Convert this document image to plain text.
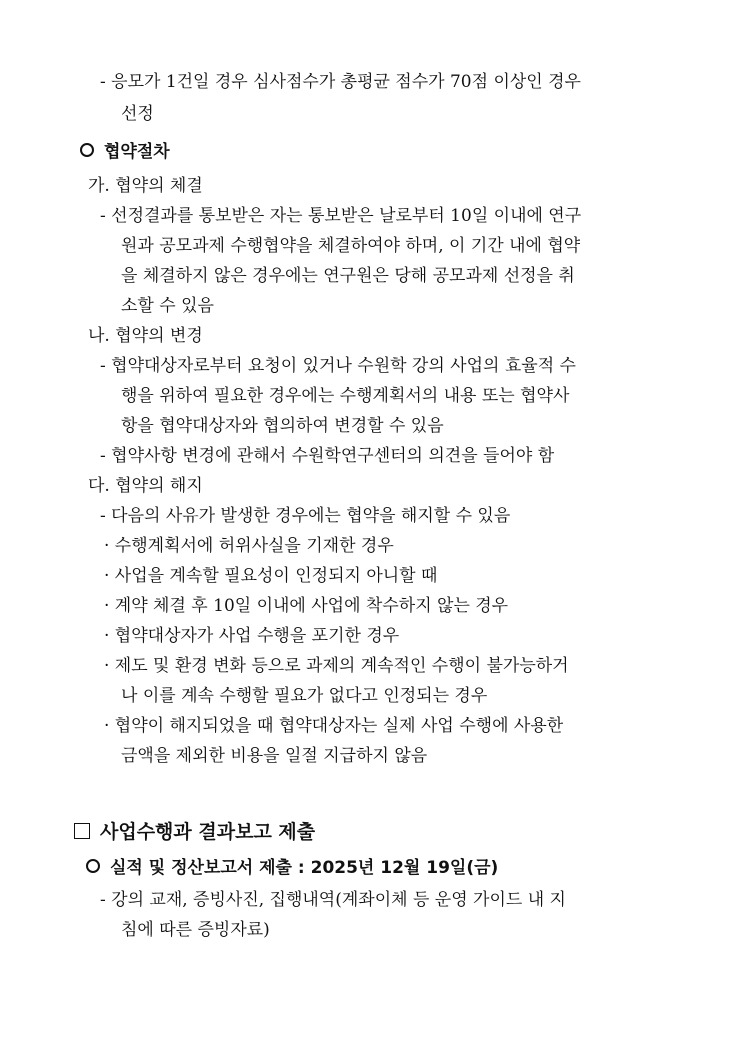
- 응모가 1건일 경우 심사점수가 총평균 점수가 70점 이상인 경우
선정
협약절차
가. 협약의 체결
- 선정결과를 통보받은 자는 통보받은 날로부터 10일 이내에 연구
원과 공모과제 수행협약을 체결하여야 하며, 이 기간 내에 협약
을 체결하지 않은 경우에는 연구원은 당해 공모과제 선정을 취
소할 수 있음
나. 협약의 변경
- 협약대상자로부터 요청이 있거나 수원학 강의 사업의 효율적 수
행을 위하여 필요한 경우에는 수행계획서의 내용 또는 협약사
항을 협약대상자와 협의하여 변경할 수 있음
- 협약사항 변경에 관해서 수원학연구센터의 의견을 들어야 함
다. 협약의 해지
- 다음의 사유가 발생한 경우에는 협약을 해지할 수 있음
· 수행계획서에 허위사실을 기재한 경우
· 사업을 계속할 필요성이 인정되지 아니할 때
· 계약 체결 후 10일 이내에 사업에 착수하지 않는 경우
· 협약대상자가 사업 수행을 포기한 경우
· 제도 및 환경 변화 등으로 과제의 계속적인 수행이 불가능하거
나 이를 계속 수행할 필요가 없다고 인정되는 경우
· 협약이 해지되었을 때 협약대상자는 실제 사업 수행에 사용한
금액을 제외한 비용을 일절 지급하지 않음
사업수행과 결과보고 제출
실적 및 정산보고서 제출 : 2025년 12월 19일(금)
- 강의 교재, 증빙사진, 집행내역(계좌이체 등 운영 가이드 내 지
침에 따른 증빙자료)
